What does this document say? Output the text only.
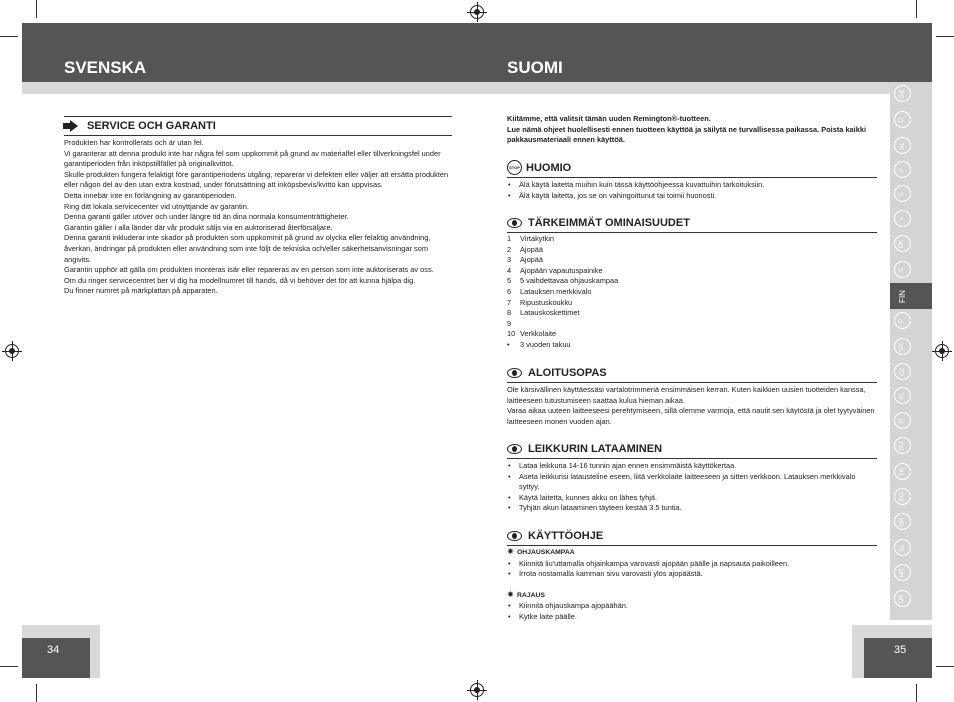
SVENSKA	SUOMI
GB
D
NL
F
E
I
DK
S
FIN
P
SK
CZ
PL
H
RU
TR
RO
GR
SL
HR
UA
SERVICE OCH GARANTI
Produkten har kontrollerats och är utan fel.
Vi garanterar att denna produkt inte har några fel som uppkommit på grund av materialfel eller tillverkningsfel under garantiperioden från inköpstillfället på originalkvittot.
Skulle produkten fungera felaktigt före garantiperiodens utgång, reparerar vi defekten eller väljer att ersätta produkten eller någon del av den utan extra kostnad, under förutsättning att inköpsbevis/kvitto kan uppvisas.
Detta innebär inte en förlängning av garantiperioden.
Ring ditt lokala servicecenter vid utnyttjande av garantin.
Denna garanti gäller utöver och under längre tid än dina normala konsumenträttigheter.
Garantin gäller i alla länder där vår produkt säljs via en auktoriserad återförsäljare.
Denna garanti inkluderar inte skador på produkten som uppkommit på grund av olycka eller felaktig användning, åverkan, ändringar på produkten eller användning som inte följt de tekniska och/eller säkerhetsanvisningar som angivits.
Garantin upphör att gälla om produkten monteras isär eller repareras av en person som inte auktoriserats av oss.
Om du ringer servicecentret ber vi dig ha modellnumret till hands, då vi behöver det för att kunna hjälpa dig.
Du finner numret på märkplattan på apparaten.
Kiitämme, että valitsit tämän uuden Remington®-tuotteen.
Lue nämä ohjeet huolellisesti ennen tuotteen käyttöä ja säilytä ne turvallisessa paikassa. Poista kaikki pakkausmateriaali ennen käyttöä.
STOP HUOMIO
• Älä käytä laitetta muihin kuin tässä käyttöohjeessa kuvattuihin tarkoituksiin.
• Älä käytä laitetta, jos se on vahingoittunut tai toimii huonosti.
TÄRKEIMMÄT OMINAISUUDET
1 Virtakytkin
2 Ajopää
3 Ajopää
4 Ajopään vapautuspainike
5 5 vaihdettavaa ohjauskampaa
6 Latauksen merkkivalo
7 Ripustuskoukku
8 Latauskoskettimet
9
10 Verkkolaite
• 3 vuoden takuu
ALOITUSOPAS
Ole kärsivällinen käyttäessäsi vartalotrimmeriä ensimmäisen kerran. Kuten kaikkien uusien tuotteiden kanssa, laitteeseen tutustumiseen saattaa kulua hieman aikaa.
Varaa aikaa uuteen laitteeseesi perehtymiseen, sillä olemme varmoja, että nautit sen käytöstä ja olet tyytyväinen laitteeseen monen vuoden ajan.
LEIKKURIN LATAAMINEN
• Lataa leikkuria 14-16 tunnin ajan ennen ensimmäistä käyttökertaa.
• Aseta leikkurisi latausteline eseen, liitä verkkolaite laitteeseen ja sitten verkkoon. Latauksen merkkivalo syttyy.
• Käytä laitetta, kunnes akku on lähes tyhjä.
• Tyhjän akun lataaminen täyteen kestää 3.5 tuntia.
KÄYTTÖOHJE
✷ OHJAUSKAMPAA
• Kiinnitä liu'uttamalla ohjainkampa varovasti ajopään päälle ja napsauta paikoilleen.
• Irrota nostamalla kamman sivu varovasti ylös ajopäästä.
✷ RAJAUS
• Kiinnitä ohjauskampa ajopäähän.
• Kytke laite päälle.
34	35
